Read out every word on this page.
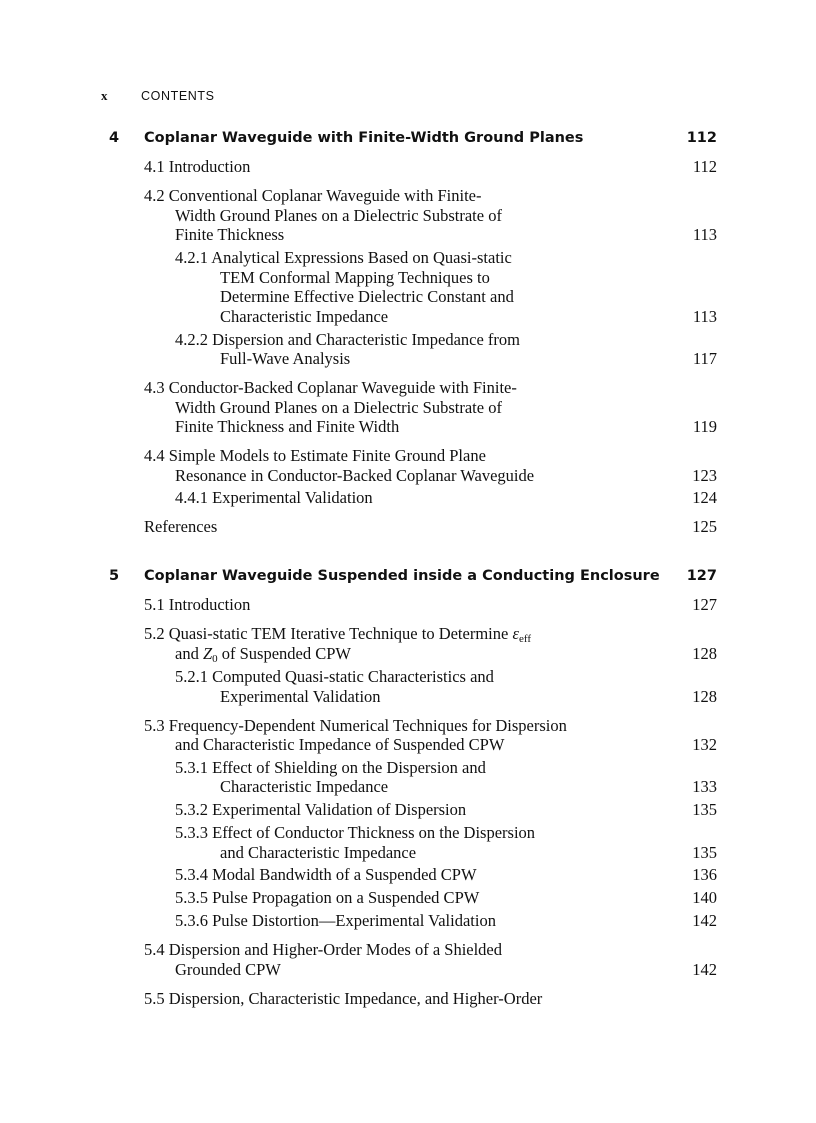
x	CONTENTS
4 Coplanar Waveguide with Finite-Width Ground Planes	112
4.1 Introduction	112
4.2 Conventional Coplanar Waveguide with Finite-
Width Ground Planes on a Dielectric Substrate of
Finite Thickness	113
4.2.1 Analytical Expressions Based on Quasi-static
TEM Conformal Mapping Techniques to
Determine Effective Dielectric Constant and
Characteristic Impedance	113
4.2.2 Dispersion and Characteristic Impedance from
Full-Wave Analysis	117
4.3 Conductor-Backed Coplanar Waveguide with Finite-
Width Ground Planes on a Dielectric Substrate of
Finite Thickness and Finite Width	119
4.4 Simple Models to Estimate Finite Ground Plane
Resonance in Conductor-Backed Coplanar Waveguide	123
4.4.1 Experimental Validation	124
References	125
5 Coplanar Waveguide Suspended inside a Conducting Enclosure 127
5.1 Introduction	127
5.2 Quasi-static TEM Iterative Technique to Determine $\varepsilon_{eff}$
and $Z_0$ of Suspended CPW	128
5.2.1 Computed Quasi-static Characteristics and
Experimental Validation	128
5.3 Frequency-Dependent Numerical Techniques for Dispersion
and Characteristic Impedance of Suspended CPW	132
5.3.1 Effect of Shielding on the Dispersion and
Characteristic Impedance	133
5.3.2 Experimental Validation of Dispersion	135
5.3.3 Effect of Conductor Thickness on the Dispersion
and Characteristic Impedance	135
5.3.4 Modal Bandwidth of a Suspended CPW	136
5.3.5 Pulse Propagation on a Suspended CPW	140
5.3.6 Pulse Distortion—Experimental Validation	142
5.4 Dispersion and Higher-Order Modes of a Shielded
Grounded CPW	142
5.5 Dispersion, Characteristic Impedance, and Higher-Order
